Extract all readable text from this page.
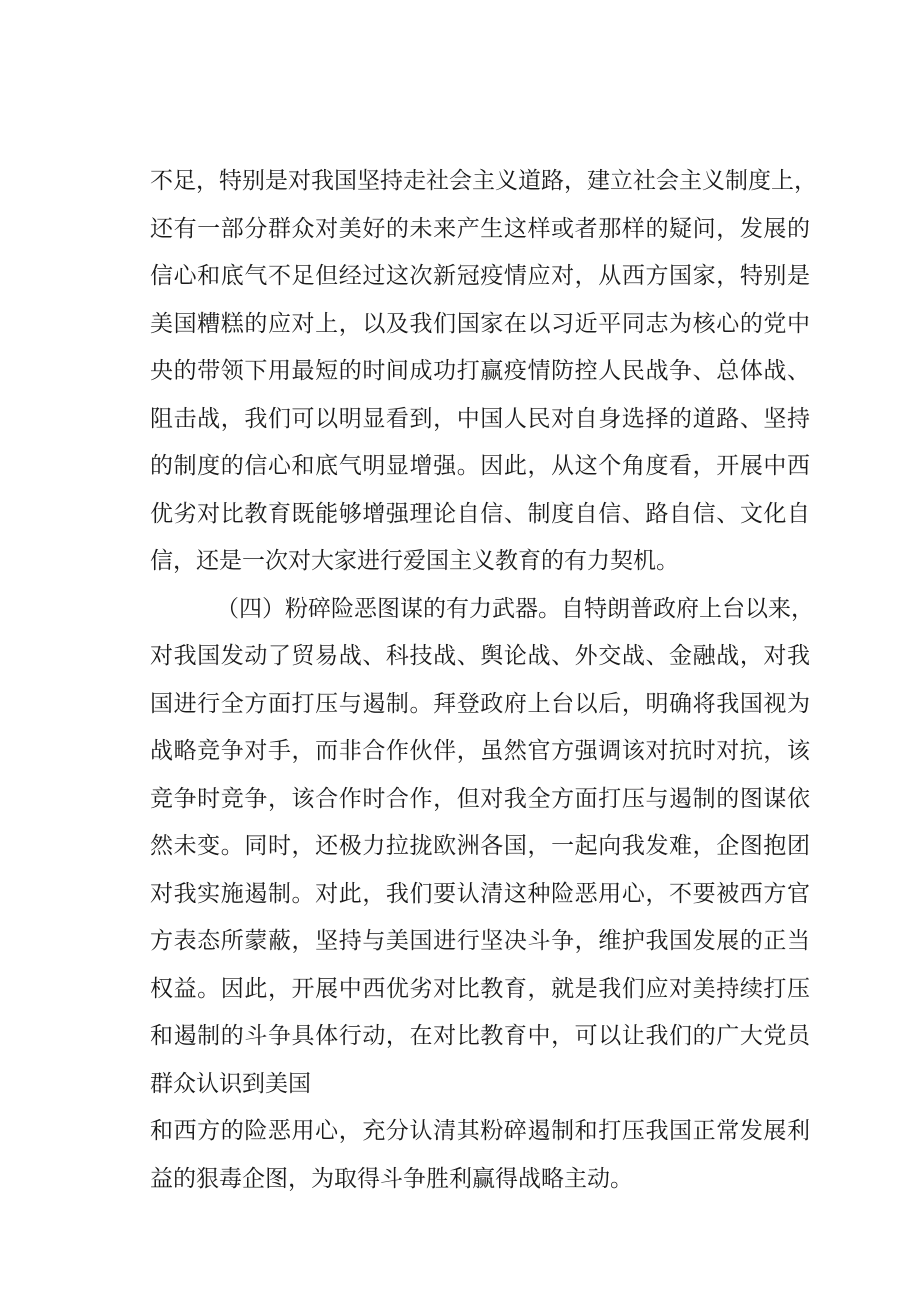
不足，特别是对我国坚持走社会主义道路，建立社会主义制度上，
还有一部分群众对美好的未来产生这样或者那样的疑问，发展的
信心和底气不足但经过这次新冠疫情应对，从西方国家，特别是
美国糟糕的应对上，以及我们国家在以习近平同志为核心的党中
央的带领下用最短的时间成功打赢疫情防控人民战争、总体战、
阻击战，我们可以明显看到，中国人民对自身选择的道路、坚持
的制度的信心和底气明显增强。因此，从这个角度看，开展中西
优劣对比教育既能够增强理论自信、制度自信、路自信、文化自
信，还是一次对大家进行爱国主义教育的有力契机。
（四）粉碎险恶图谋的有力武器。自特朗普政府上台以来，
对我国发动了贸易战、科技战、舆论战、外交战、金融战，对我
国进行全方面打压与遏制。拜登政府上台以后，明确将我国视为
战略竞争对手，而非合作伙伴，虽然官方强调该对抗时对抗，该
竞争时竞争，该合作时合作，但对我全方面打压与遏制的图谋依
然未变。同时，还极力拉拢欧洲各国，一起向我发难，企图抱团
对我实施遏制。对此，我们要认清这种险恶用心，不要被西方官
方表态所蒙蔽，坚持与美国进行坚决斗争，维护我国发展的正当
权益。因此，开展中西优劣对比教育，就是我们应对美持续打压
和遏制的斗争具体行动，在对比教育中，可以让我们的广大党员
群众认识到美国
和西方的险恶用心，充分认清其粉碎遏制和打压我国正常发展利
益的狠毒企图，为取得斗争胜利赢得战略主动。
